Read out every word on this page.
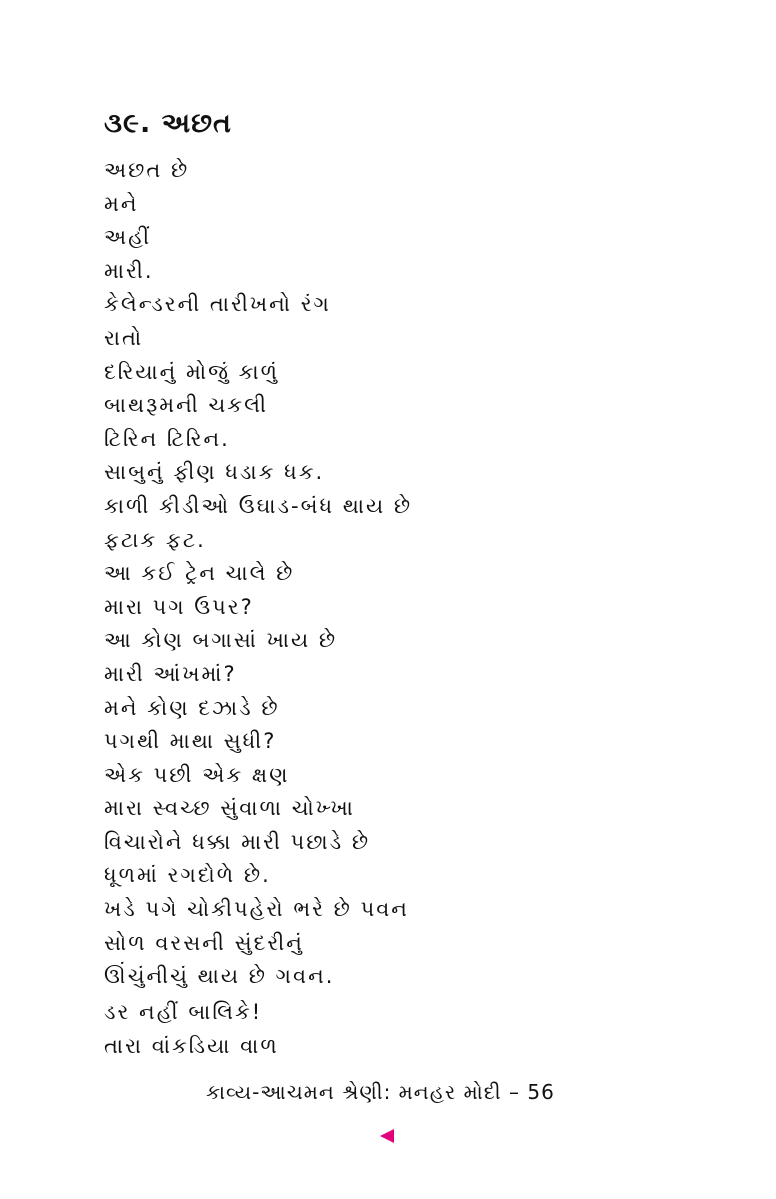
૩૯. અછત
અછત છે
મને
અહીં
મારી.
કેલેન્ડરની તારીખનો રંગ
રાતો
દરિયાનું મોજું કાળું
બાથરૂમની ચકલી
ટિરિન ટિરિન.
સાબુનું ફીણ ધડાક ધક.
કાળી કીડીઓ ઉઘાડ-બંધ થાય છે
ફટાક ફટ.
આ કઈ ટ્રેન ચાલે છે
મારા પગ ઉપર?
આ કોણ બગાસાં ખાય છે
મારી આંખમાં?
મને કોણ દઝાડે છે
પગથી માથા સુધી?
એક પછી એક ક્ષણ
મારા સ્વચ્છ સુંવાળા ચોખ્ખા
વિચારોને ધક્કા મારી પછાડે છે
ધૂળમાં રગદોળે છે.
ખડે પગે ચોકીપહેરો ભરે છે પવન
સોળ વરસની સુંદરીનું
ઊંચુંનીચું થાય છે ગવન.
ડર નહીં બાલિકે!
તારા વાંકડિયા વાળ
કાવ્ય-આચમન શ્રેણી: મનહર મોદી – 56
